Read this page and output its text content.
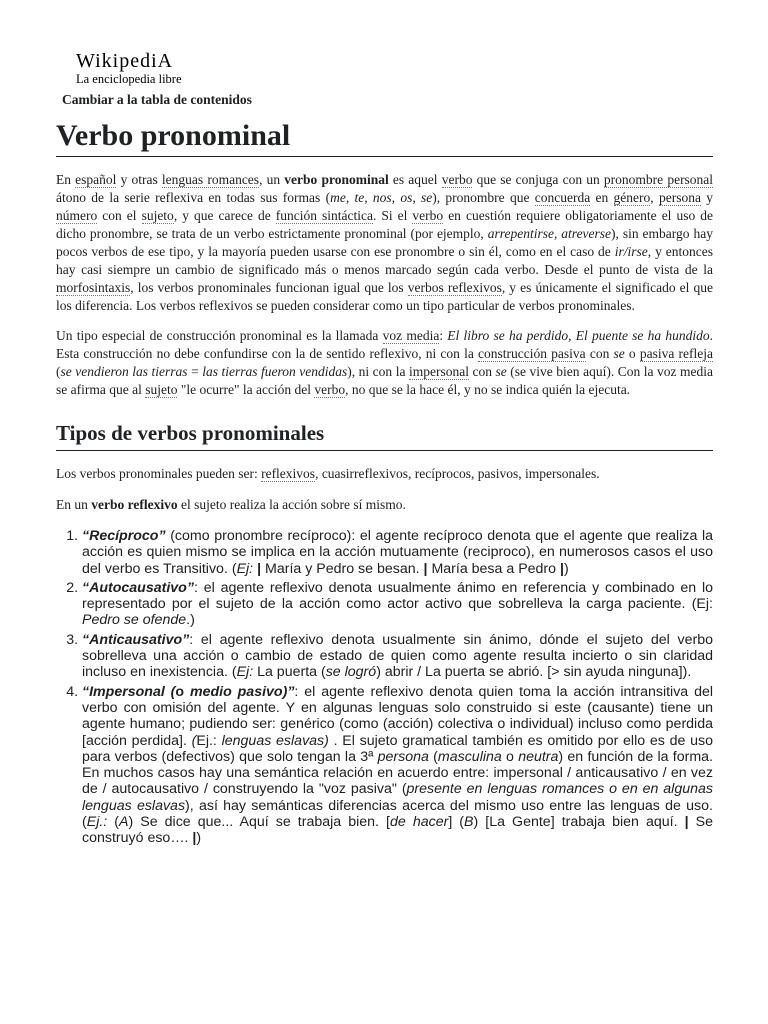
WikipediA
La enciclopedia libre
Cambiar a la tabla de contenidos
Verbo pronominal

En español y otras lenguas romances, un verbo pronominal es aquel verbo que se conjuga con un pronombre personal átono de la serie reflexiva en todas sus formas (me, te, nos, os, se), pronombre que concuerda en género, persona y número con el sujeto, y que carece de función sintáctica. Si el verbo en cuestión requiere obligatoriamente el uso de dicho pronombre, se trata de un verbo estrictamente pronominal (por ejemplo, arrepentirse, atreverse), sin embargo hay pocos verbos de ese tipo, y la mayoría pueden usarse con ese pronombre o sin él, como en el caso de ir/irse, y entonces hay casi siempre un cambio de significado más o menos marcado según cada verbo. Desde el punto de vista de la morfosintaxis, los verbos pronominales funcionan igual que los verbos reflexivos, y es únicamente el significado el que los diferencia. Los verbos reflexivos se pueden considerar como un tipo particular de verbos pronominales.

Un tipo especial de construcción pronominal es la llamada voz media: El libro se ha perdido, El puente se ha hundido. Esta construcción no debe confundirse con la de sentido reflexivo, ni con la construcción pasiva con se o pasiva refleja (se vendieron las tierras = las tierras fueron vendidas), ni con la impersonal con se (se vive bien aquí). Con la voz media se afirma que al sujeto "le ocurre" la acción del verbo, no que se la hace él, y no se indica quién la ejecuta.

Tipos de verbos pronominales

Los verbos pronominales pueden ser: reflexivos, cuasirreflexivos, recíprocos, pasivos, impersonales.

En un verbo reflexivo el sujeto realiza la acción sobre sí mismo.

1. “Recíproco” (como pronombre recíproco): el agente recíproco denota que el agente que realiza la acción es quien mismo se implica en la acción mutuamente (reciproco), en numerosos casos el uso del verbo es Transitivo. (Ej: | María y Pedro se besan. | María besa a Pedro |)
2. “Autocausativo”: el agente reflexivo denota usualmente ánimo en referencia y combinado en lo representado por el sujeto de la acción como actor activo que sobrelleva la carga paciente. (Ej: Pedro se ofende.)
3. “Anticausativo”: el agente reflexivo denota usualmente sin ánimo, dónde el sujeto del verbo sobrelleva una acción o cambio de estado de quien como agente resulta incierto o sin claridad incluso en inexistencia. (Ej: La puerta (se logró) abrir / La puerta se abrió. [> sin ayuda ninguna]).
4. “Impersonal (o medio pasivo)”: el agente reflexivo denota quien toma la acción intransitiva del verbo con omisión del agente. Y en algunas lenguas solo construido si este (causante) tiene un agente humano; pudiendo ser: genérico (como (acción) colectiva o individual) incluso como perdida [acción perdida]. (Ej.: lenguas eslavas) . El sujeto gramatical también es omitido por ello es de uso para verbos (defectivos) que solo tengan la 3ª persona (masculina o neutra) en función de la forma. En muchos casos hay una semántica relación en acuerdo entre: impersonal / anticausativo / en vez de / autocausativo / construyendo la "voz pasiva" (presente en lenguas romances o en en algunas lenguas eslavas), así hay semánticas diferencias acerca del mismo uso entre las lenguas de uso. (Ej.: (A) Se dice que... Aquí se trabaja bien. [de hacer] (B) [La Gente] trabaja bien aquí. | Se construyó eso…. |)
